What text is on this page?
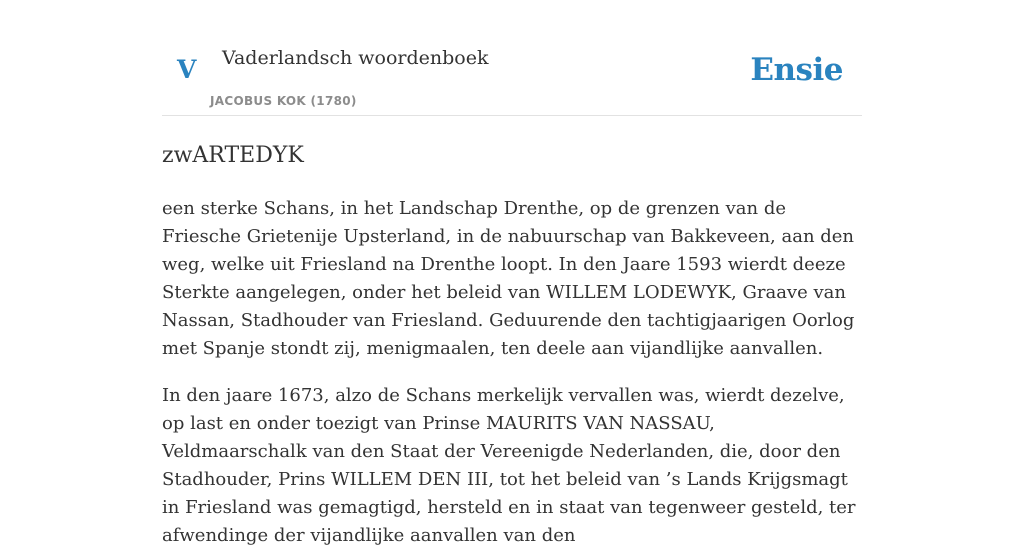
V Vaderlandsch woordenboek
JACOBUS KOK (1780)
Ensie
zwARTEDYK

een sterke Schans, in het Landschap Drenthe, op de grenzen van de Friesche Grietenije Upsterland, in de nabuurschap van Bakkeveen, aan den weg, welke uit Friesland na Drenthe loopt. In den Jaare 1593 wierdt deeze Sterkte aangelegen, onder het beleid van WILLEM LODEWYK, Graave van Nassan, Stadhouder van Friesland. Geduurende den tachtigjaarigen Oorlog met Spanje stondt zij, menigmaalen, ten deele aan vijandlijke aanvallen.

In den jaare 1673, alzo de Schans merkelijk vervallen was, wierdt dezelve, op last en onder toezigt van Prinse MAURITS VAN NASSAU, Veldmaarschalk van den Staat der Vereenigde Nederlanden, die, door den Stadhouder, Prins WILLEM DEN III, tot het beleid van ’s Lands Krijgsmagt in Friesland was gemagtigd, hersteld en in staat van tegenweer gesteld, ter afwendinge der vijandlijke aanvallen van den
